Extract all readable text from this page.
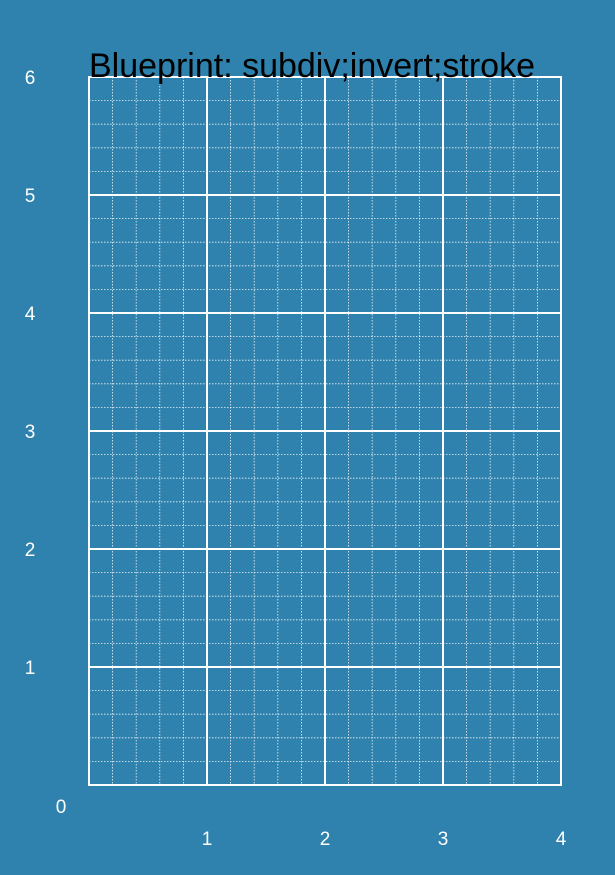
1	2	3	4
1
2
3
4
5
6
0
Blueprint: subdiv;invert;stroke
